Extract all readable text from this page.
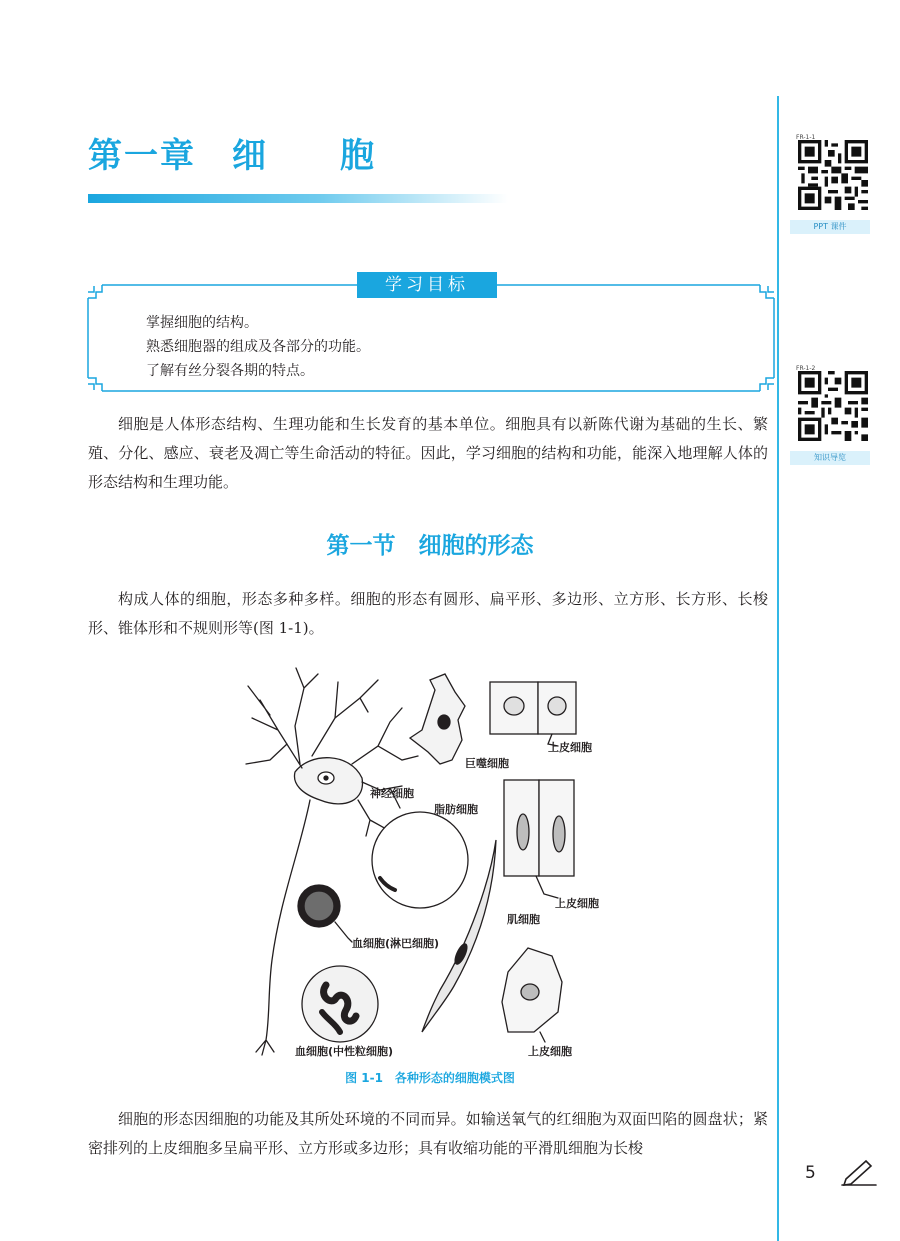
第一章　细　　胞	FR-1-1
PPT 课件
FR-1-2
知识导览
学习目标
掌握细胞的结构。
熟悉细胞器的组成及各部分的功能。
了解有丝分裂各期的特点。
细胞是人体形态结构、生理功能和生长发育的基本单位。细胞具有以新陈代谢为基础的生长、繁殖、分化、感应、衰老及凋亡等生命活动的特征。因此，学习细胞的结构和功能，能深入地理解人体的形态结构和生理功能。
第一节　细胞的形态
构成人体的细胞，形态多种多样。细胞的形态有圆形、扁平形、多边形、立方形、长方形、长梭形、锥体形和不规则形等(图 1-1)。
上皮细胞
巨噬细胞
神经细胞
脂肪细胞
上皮细胞
肌细胞
血细胞(淋巴细胞)
上皮细胞
血细胞(中性粒细胞)
图 1-1　各种形态的细胞模式图
细胞的形态因细胞的功能及其所处环境的不同而异。如输送氧气的红细胞为双面凹陷的圆盘状；紧密排列的上皮细胞多呈扁平形、立方形或多边形；具有收缩功能的平滑肌细胞为长梭
5
